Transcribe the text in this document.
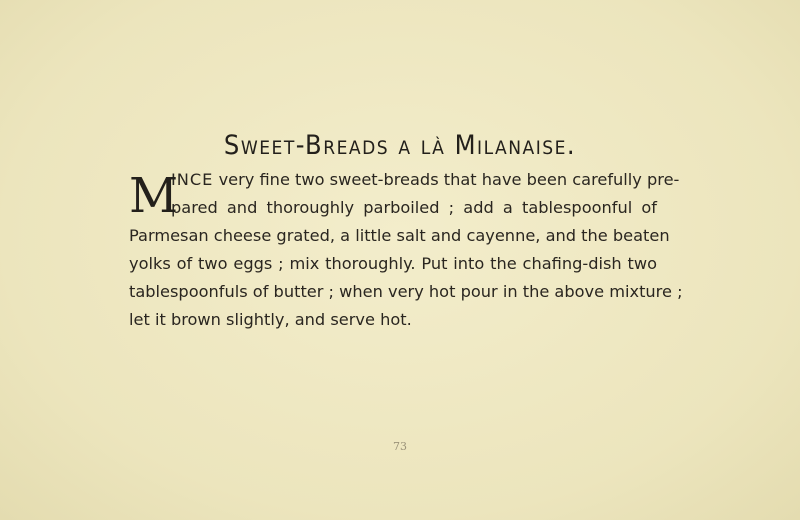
Sweet-Breads a là Milanaise.
M
INCE very fine two sweet-breads that have been carefully pre-
pared and thoroughly parboiled ; add a tablespoonful of
Parmesan cheese grated, a little salt and cayenne, and the beaten
yolks of two eggs ; mix thoroughly. Put into the chafing-dish two
tablespoonfuls of butter ; when very hot pour in the above mixture ;
let it brown slightly, and serve hot.
73
